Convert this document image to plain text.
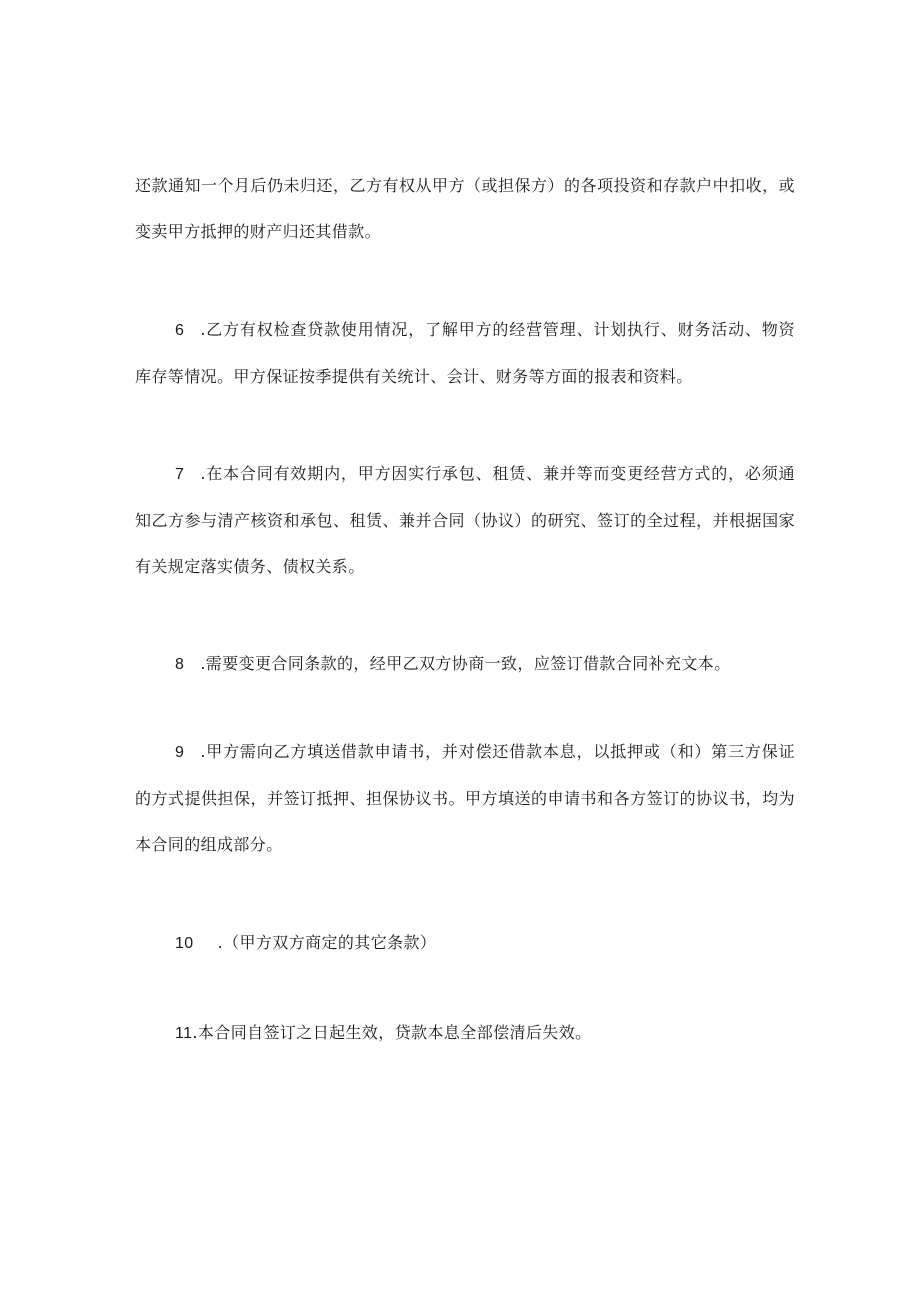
还款通知一个月后仍未归还，乙方有权从甲方（或担保方）的各项投资和存款户中扣收，或变卖甲方抵押的财产归还其借款。

6 .乙方有权检查贷款使用情况，了解甲方的经营管理、计划执行、财务活动、物资库存等情况。甲方保证按季提供有关统计、会计、财务等方面的报表和资料。

7 .在本合同有效期内，甲方因实行承包、租赁、兼并等而变更经营方式的，必须通知乙方参与清产核资和承包、租赁、兼并合同（协议）的研究、签订的全过程，并根据国家有关规定落实债务、债权关系。

8 .需要变更合同条款的，经甲乙双方协商一致，应签订借款合同补充文本。

9 .甲方需向乙方填送借款申请书，并对偿还借款本息，以抵押或（和）第三方保证的方式提供担保，并签订抵押、担保协议书。甲方填送的申请书和各方签订的协议书，均为本合同的组成部分。

10 .（甲方双方商定的其它条款）

11.本合同自签订之日起生效，贷款本息全部偿清后失效。
